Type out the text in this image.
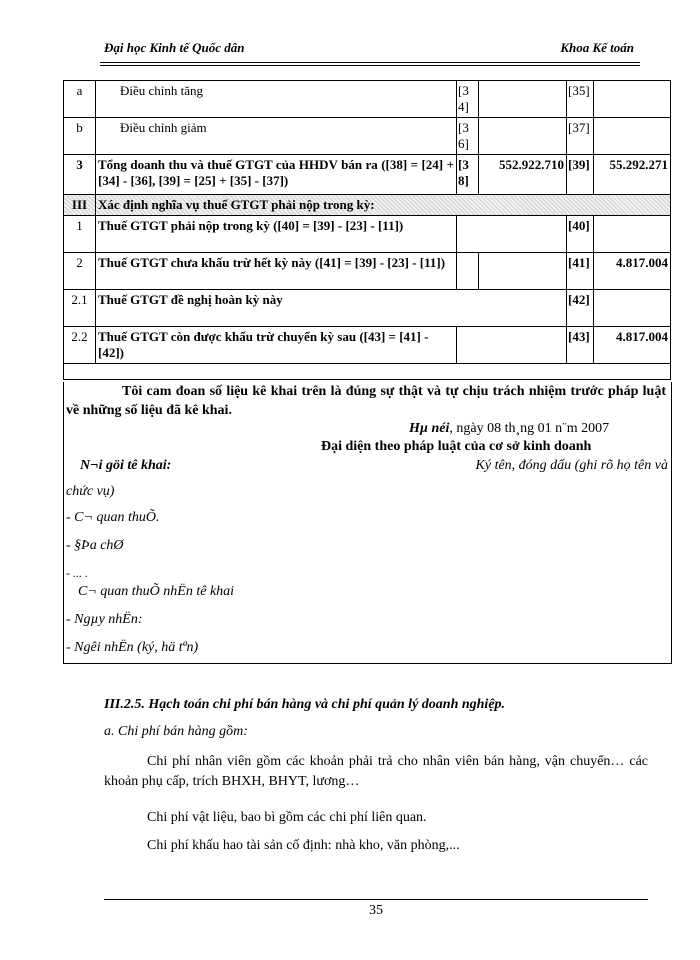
Đại học Kinh tế Quốc dân	Khoa Kế toán
a	Điều chỉnh tăng	[34]		[35]	
b	Điều chỉnh giảm	[36]		[37]	
3	Tổng doanh thu và thuế GTGT của HHDV bán ra ([38] = [24] + [34] - [36], [39] = [25] + [35] - [37])	[38]	552.922.710	[39]	55.292.271
III	Xác định nghĩa vụ thuế GTGT phải nộp trong kỳ:				
1	Thuế GTGT phải nộp trong kỳ ([40] = [39] - [23] - [11])			[40]	
2	Thuế GTGT chưa khấu trừ hết kỳ này ([41] = [39] - [23] - [11])			[41]	4.817.004
2.1	Thuế GTGT đề nghị hoàn kỳ này			[42]	
2.2	Thuế GTGT còn được khấu trừ chuyển kỳ sau ([43] = [41] - [42])			[43]	4.817.004

Tôi cam đoan số liệu kê khai trên là đúng sự thật và tự chịu trách nhiệm trước pháp luật về những số liệu đã kê khai.
Hµ néi, ngày 08 th¸ng 01 n¨m 2007
Đại diện theo pháp luật của cơ sở kinh doanh
N¬i göi tê khai:	Ký tên, đóng dấu (ghi rõ họ tên và
chức vụ)
- C¬ quan thuÕ.
- §Þa chØ
- ... .
C¬ quan thuÕ nhËn tê khai
- Ngµy nhËn:
- Ngêi nhËn (ký, hä tªn)
III.2.5. Hạch toán chi phí bán hàng và chi phí quản lý doanh nghiệp.
a. Chi phí bán hàng gồm:
Chi phí nhân viên gồm các khoản phải trả cho nhân viên bán hàng, vận chuyển… các khoản phụ cấp, trích BHXH, BHYT, lương…
Chi phí vật liệu, bao bì gồm các chi phí liên quan.
Chi phí khấu hao tài sản cố định: nhà kho, văn phòng,...
35
